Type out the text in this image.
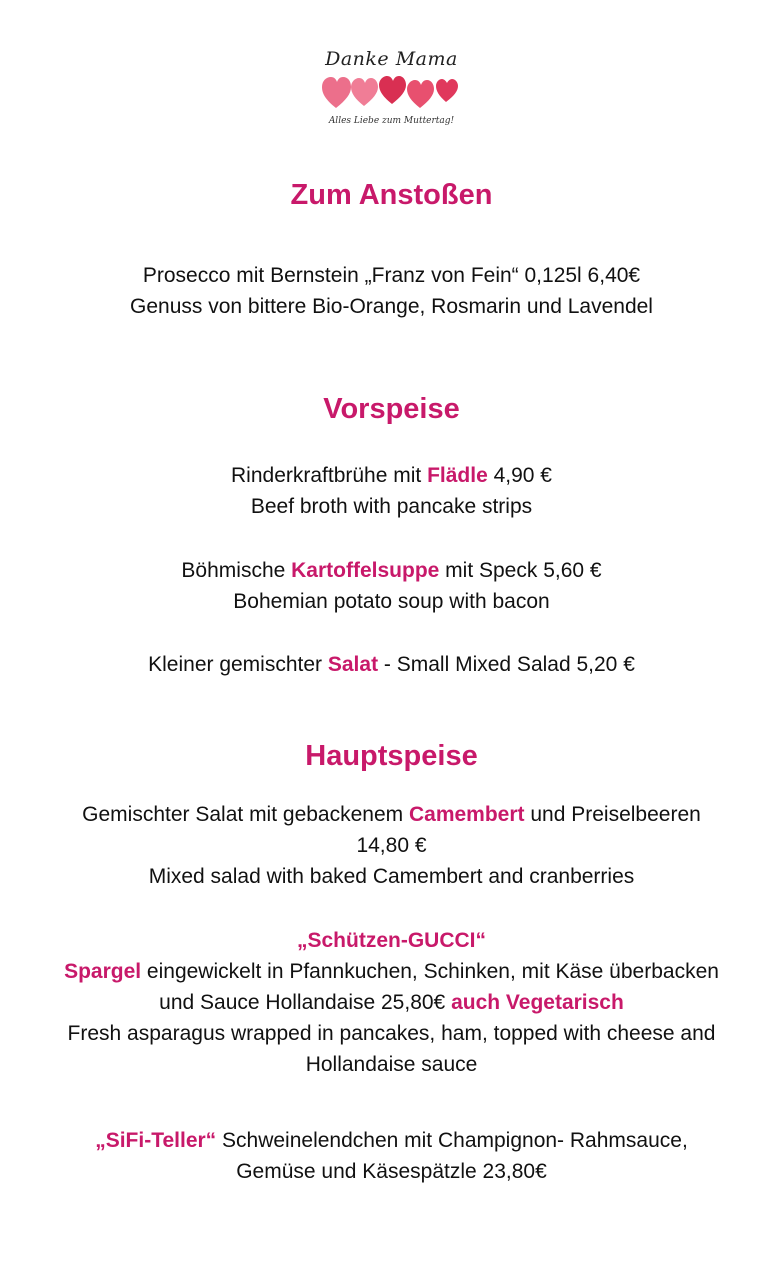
Danke Mama
Alles Liebe zum Muttertag!
Zum Anstoßen
Prosecco mit Bernstein „Franz von Fein“ 0,125l 6,40€
Genuss von bittere Bio-Orange, Rosmarin und Lavendel
Vorspeise
Rinderkraftbrühe mit Flädle 4,90 €
Beef broth with pancake strips
Böhmische Kartoffelsuppe mit Speck 5,60 €
Bohemian potato soup with bacon
Kleiner gemischter Salat - Small Mixed Salad 5,20 €
Hauptspeise
Gemischter Salat mit gebackenem Camembert und Preiselbeeren
14,80 €
Mixed salad with baked Camembert and cranberries
„Schützen-GUCCI“
Spargel eingewickelt in Pfannkuchen, Schinken, mit Käse überbacken
und Sauce Hollandaise 25,80€ auch Vegetarisch
Fresh asparagus wrapped in pancakes, ham, topped with cheese and
Hollandaise sauce
„SiFi-Teller“ Schweinelendchen mit Champignon- Rahmsauce,
Gemüse und Käsespätzle 23,80€
